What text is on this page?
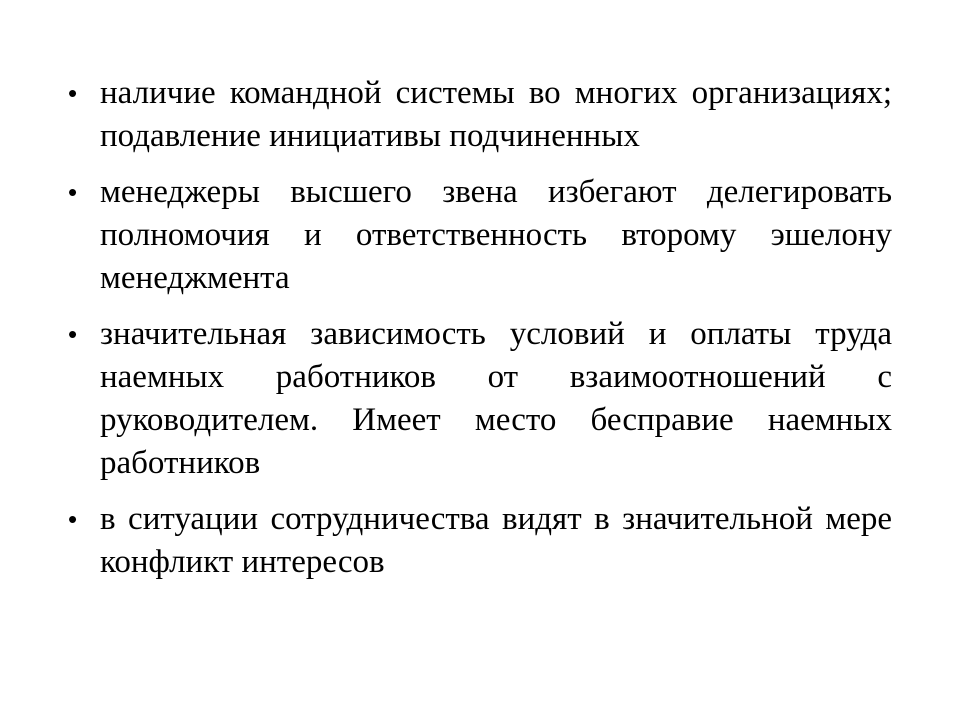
• наличие командной системы во многих организациях; подавление инициативы подчиненных
• менеджеры высшего звена избегают делегировать полномочия и ответственность второму эшелону менеджмента
• значительная зависимость условий и оплаты труда наемных работников от взаимоотношений с руководителем. Имеет место бесправие наемных работников
• в ситуации сотрудничества видят в значительной мере конфликт интересов
